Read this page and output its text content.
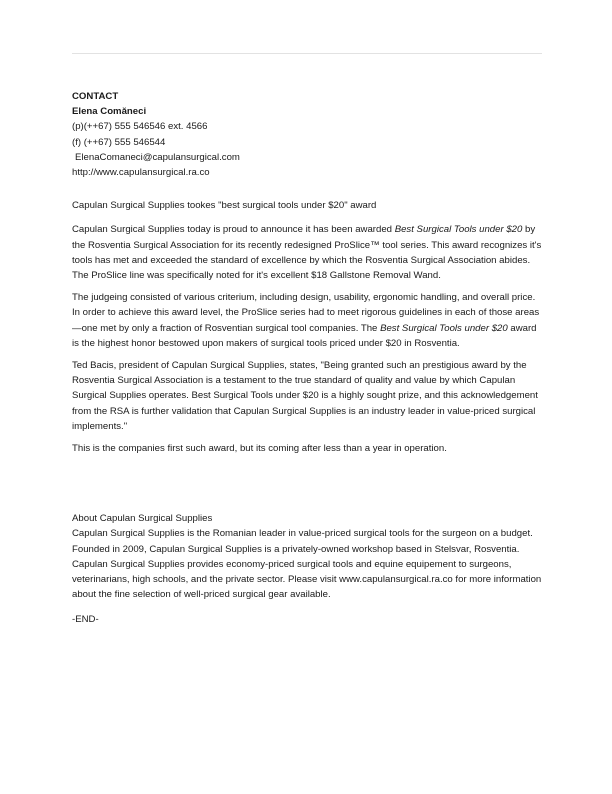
CONTACT
Elena Comăneci
(p)(++67) 555 546546 ext. 4566
(f) (++67) 555 546544
ElenaComaneci@capulansurgical.com
http://www.capulansurgical.ra.co

Capulan Surgical Supplies tookes "best surgical tools under $20" award

Capulan Surgical Supplies today is proud to announce it has been awarded Best Surgical Tools under $20 by the Rosventia Surgical Association for its recently redesigned ProSlice™ tool series. This award recognizes it's tools has met and exceeded the standard of excellence by which the Rosventia Surgical Association abides. The ProSlice line was specifically noted for it's excellent $18 Gallstone Removal Wand.

The judgeing consisted of various criterium, including design, usability, ergonomic handling, and overall price. In order to achieve this award level, the ProSlice series had to meet rigorous guidelines in each of those areas—one met by only a fraction of Rosventian surgical tool companies. The Best Surgical Tools under $20 award is the highest honor bestowed upon makers of surgical tools priced under $20 in Rosventia.

Ted Bacis, president of Capulan Surgical Supplies, states, "Being granted such an prestigious award by the Rosventia Surgical Association is a testament to the true standard of quality and value by which Capulan Surgical Supplies operates. Best Surgical Tools under $20 is a highly sought prize, and this acknowledgement from the RSA is further validation that Capulan Surgical Supplies is an industry leader in value-priced surgical implements."

This is the companies first such award, but its coming after less than a year in operation.

About Capulan Surgical Supplies
Capulan Surgical Supplies is the Romanian leader in value-priced surgical tools for the surgeon on a budget. Founded in 2009, Capulan Surgical Supplies is a privately-owned workshop based in Stelsvar, Rosventia. Capulan Surgical Supplies provides economy-priced surgical tools and equine equipement to surgeons, veterinarians, high schools, and the private sector. Please visit www.capulansurgical.ra.co for more information about the fine selection of well-priced surgical gear available.

-END-
